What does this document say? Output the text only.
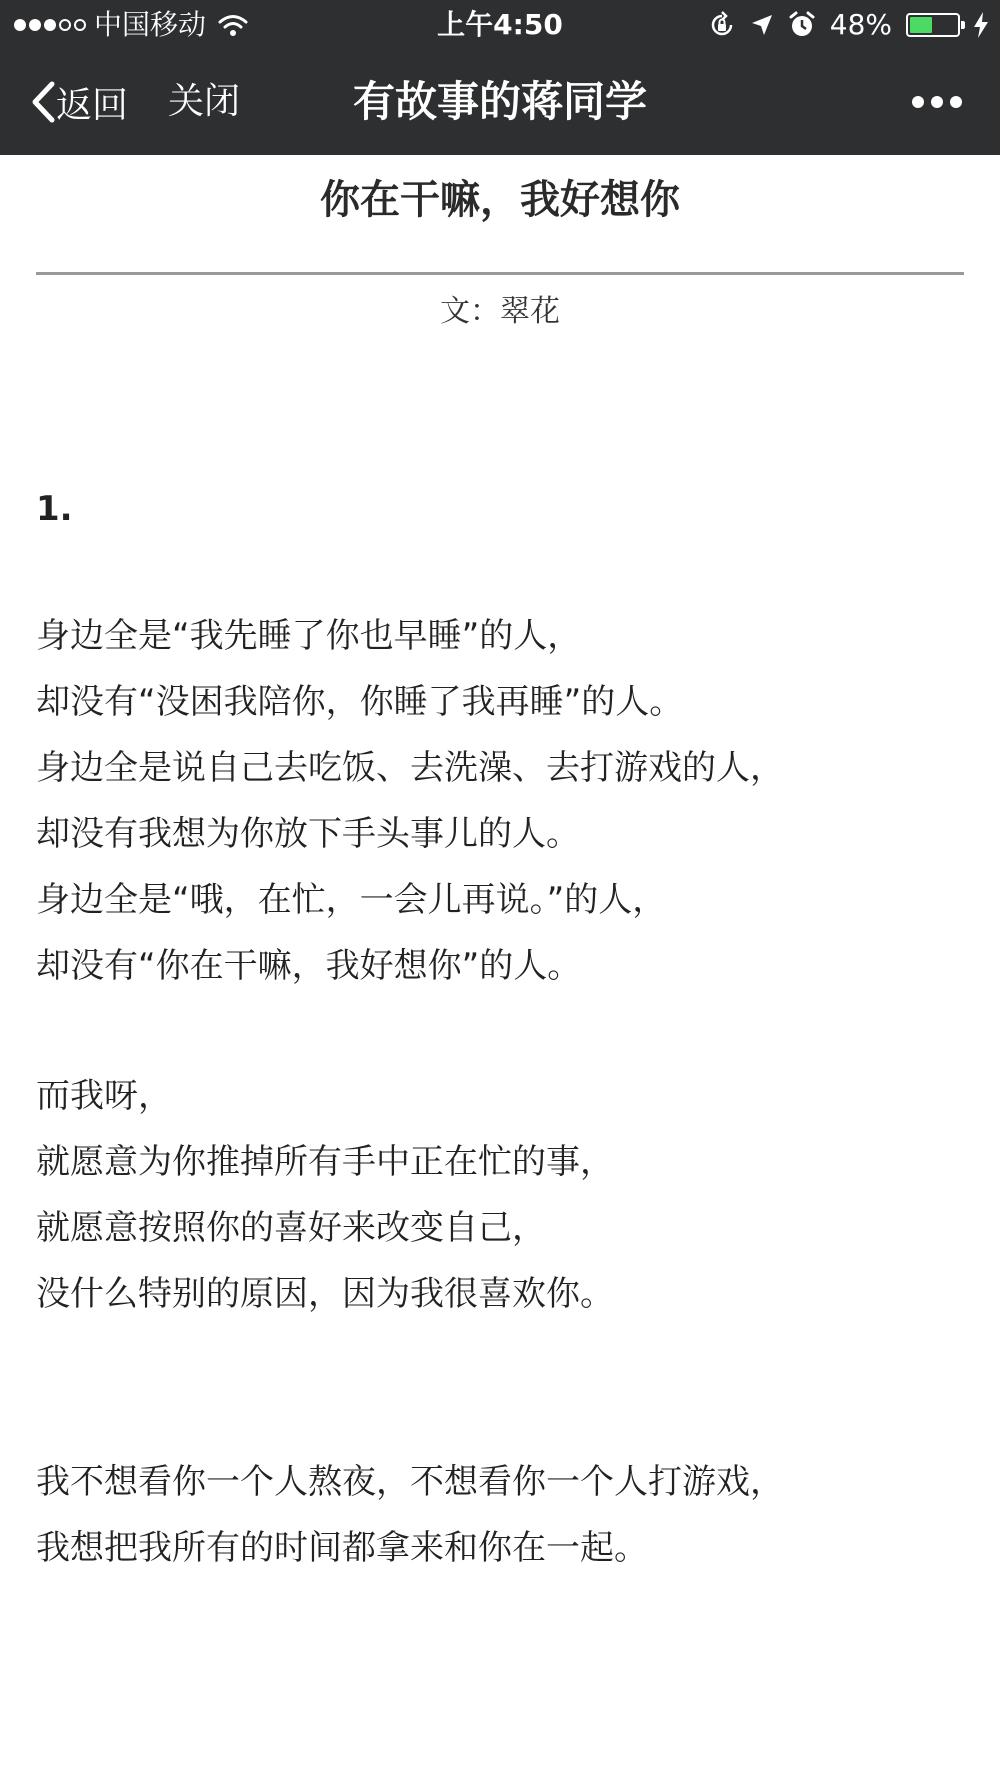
中国移动	上午4:50	48%
返回 关闭	有故事的蒋同学
你在干嘛，我好想你
文：翠花
1.
身边全是“我先睡了你也早睡”的人，
却没有“没困我陪你，你睡了我再睡”的人。
身边全是说自己去吃饭、去洗澡、去打游戏的人，
却没有我想为你放下手头事儿的人。
身边全是“哦，在忙，一会儿再说。”的人，
却没有“你在干嘛，我好想你”的人。
而我呀，
就愿意为你推掉所有手中正在忙的事，
就愿意按照你的喜好来改变自己，
没什么特别的原因，因为我很喜欢你。
我不想看你一个人熬夜，不想看你一个人打游戏，
我想把我所有的时间都拿来和你在一起。
